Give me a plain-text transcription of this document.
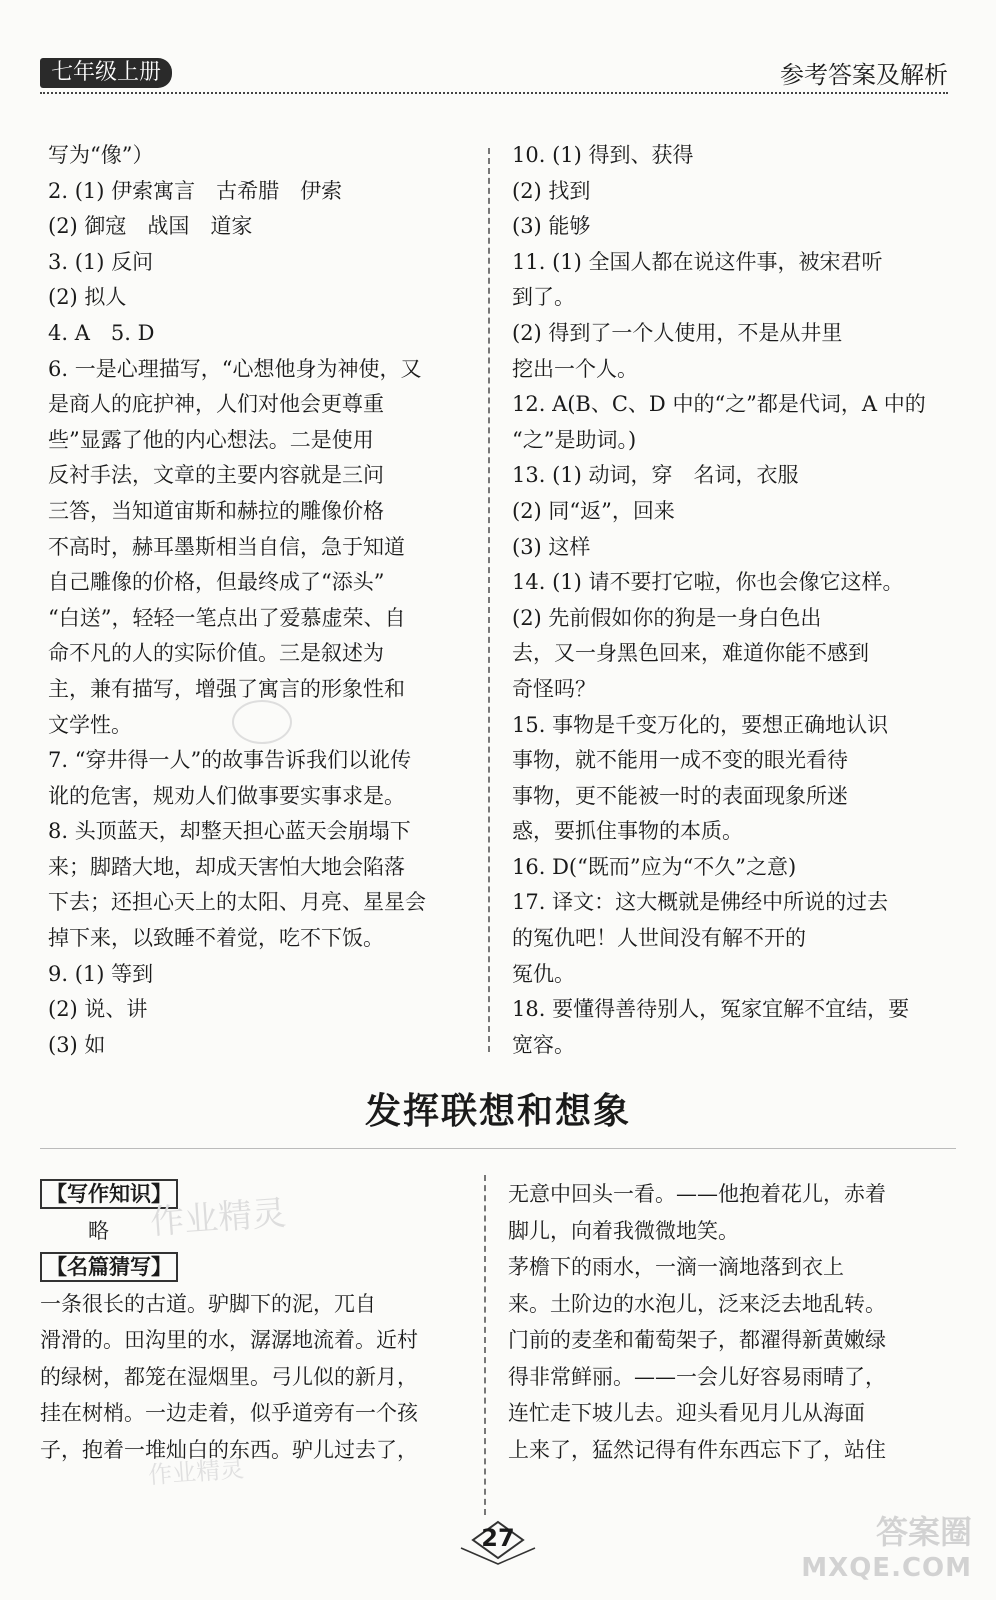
七年级上册	参考答案及解析
写为“像”）
2. (1) 伊索寓言　古希腊　伊索
(2) 御寇　战国　道家
3. (1) 反问
(2) 拟人
4. A　5. D
6. 一是心理描写，“心想他身为神使，又
是商人的庇护神，人们对他会更尊重
些”显露了他的内心想法。二是使用
反衬手法，文章的主要内容就是三问
三答，当知道宙斯和赫拉的雕像价格
不高时，赫耳墨斯相当自信，急于知道
自己雕像的价格，但最终成了“添头”
“白送”，轻轻一笔点出了爱慕虚荣、自
命不凡的人的实际价值。三是叙述为
主，兼有描写，增强了寓言的形象性和
文学性。
7. “穿井得一人”的故事告诉我们以讹传
讹的危害，规劝人们做事要实事求是。
8. 头顶蓝天，却整天担心蓝天会崩塌下
来；脚踏大地，却成天害怕大地会陷落
下去；还担心天上的太阳、月亮、星星会
掉下来，以致睡不着觉，吃不下饭。
9. (1) 等到
(2) 说、讲
(3) 如
10. (1) 得到、获得
(2) 找到
(3) 能够
11. (1) 全国人都在说这件事，被宋君听
到了。
(2) 得到了一个人使用，不是从井里
挖出一个人。
12. A(B、C、D 中的“之”都是代词，A 中的
“之”是助词。)
13. (1) 动词，穿　名词，衣服
(2) 同“返”，回来
(3) 这样
14. (1) 请不要打它啦，你也会像它这样。
(2) 先前假如你的狗是一身白色出
去，又一身黑色回来，难道你能不感到
奇怪吗？
15. 事物是千变万化的，要想正确地认识
事物，就不能用一成不变的眼光看待
事物，更不能被一时的表面现象所迷
惑，要抓住事物的本质。
16. D(“既而”应为“不久”之意)
17. 译文：这大概就是佛经中所说的过去
的冤仇吧！人世间没有解不开的
冤仇。
18. 要懂得善待别人，冤家宜解不宜结，要
宽容。
发挥联想和想象
【写作知识】
略
【名篇猜写】
一条很长的古道。驴脚下的泥，兀自
滑滑的。田沟里的水，潺潺地流着。近村
的绿树，都笼在湿烟里。弓儿似的新月，
挂在树梢。一边走着，似乎道旁有一个孩
子，抱着一堆灿白的东西。驴儿过去了，
无意中回头一看。——他抱着花儿，赤着
脚儿，向着我微微地笑。
茅檐下的雨水，一滴一滴地落到衣上
来。土阶边的水泡儿，泛来泛去地乱转。
门前的麦垄和葡萄架子，都濯得新黄嫩绿
得非常鲜丽。——一会儿好容易雨晴了，
连忙走下坡儿去。迎头看见月儿从海面
上来了，猛然记得有件东西忘下了，站住
作业精灵
作业精灵
27	答案圈
MXQE.COM
